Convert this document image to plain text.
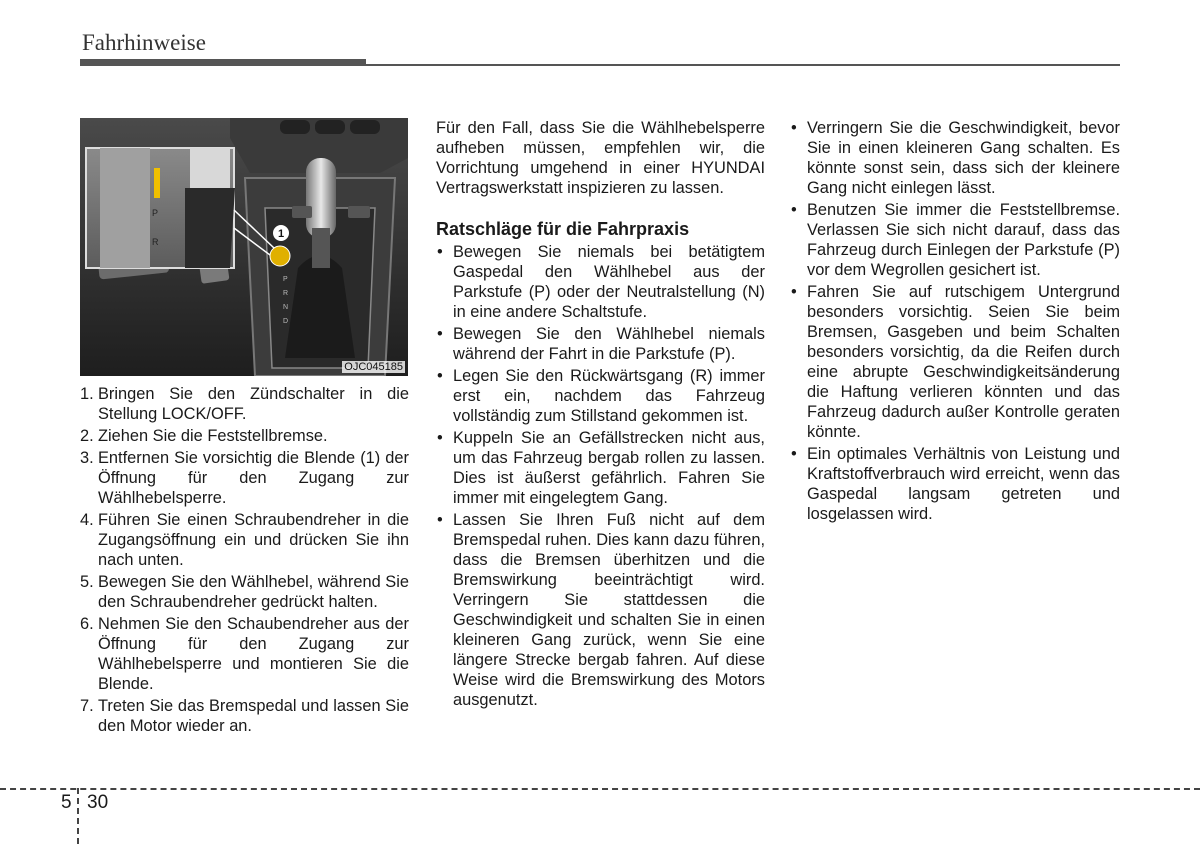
Fahrhinweise
P
R
N
D
P
R
1
OJC045185
1. Bringen Sie den Zündschalter in die Stellung LOCK/OFF.
2. Ziehen Sie die Feststellbremse.
3. Entfernen Sie vorsichtig die Blende (1) der Öffnung für den Zugang zur Wählhebelsperre.
4. Führen Sie einen Schraubendreher in die Zugangsöffnung ein und drücken Sie ihn nach unten.
5. Bewegen Sie den Wählhebel, während Sie den Schraubendreher gedrückt halten.
6. Nehmen Sie den Schaubendreher aus der Öffnung für den Zugang zur Wählhebelsperre und montieren Sie die Blende.
7. Treten Sie das Bremspedal und lassen Sie den Motor wieder an.

Für den Fall, dass Sie die Wählhebelsperre aufheben müssen, empfehlen wir, die Vorrichtung umgehend in einer HYUNDAI Vertragswerkstatt inspizieren zu lassen.

Ratschläge für die Fahrpraxis
• Bewegen Sie niemals bei betätigtem Gaspedal den Wählhebel aus der Parkstufe (P) oder der Neutralstellung (N) in eine andere Schaltstufe.
• Bewegen Sie den Wählhebel niemals während der Fahrt in die Parkstufe (P).
• Legen Sie den Rückwärtsgang (R) immer erst ein, nachdem das Fahrzeug vollständig zum Stillstand gekommen ist.
• Kuppeln Sie an Gefällstrecken nicht aus, um das Fahrzeug bergab rollen zu lassen. Dies ist äußerst gefährlich. Fahren Sie immer mit eingelegtem Gang.
• Lassen Sie Ihren Fuß nicht auf dem Bremspedal ruhen. Dies kann dazu führen, dass die Bremsen überhitzen und die Bremswirkung beeinträchtigt wird. Verringern Sie stattdessen die Geschwindigkeit und schalten Sie in einen kleineren Gang zurück, wenn Sie eine längere Strecke bergab fahren. Auf diese Weise wird die Bremswirkung des Motors ausgenutzt.
• Verringern Sie die Geschwindigkeit, bevor Sie in einen kleineren Gang schalten. Es könnte sonst sein, dass sich der kleinere Gang nicht einlegen lässt.
• Benutzen Sie immer die Feststellbremse. Verlassen Sie sich nicht darauf, dass das Fahrzeug durch Einlegen der Parkstufe (P) vor dem Wegrollen gesichert ist.
• Fahren Sie auf rutschigem Untergrund besonders vorsichtig. Seien Sie beim Bremsen, Gasgeben und beim Schalten besonders vorsichtig, da die Reifen durch eine abrupte Geschwindigkeitsänderung die Haftung verlieren könnten und das Fahrzeug dadurch außer Kontrolle geraten könnte.
• Ein optimales Verhältnis von Leistung und Kraftstoffverbrauch wird erreicht, wenn das Gaspedal langsam getreten und losgelassen wird.
5 30
